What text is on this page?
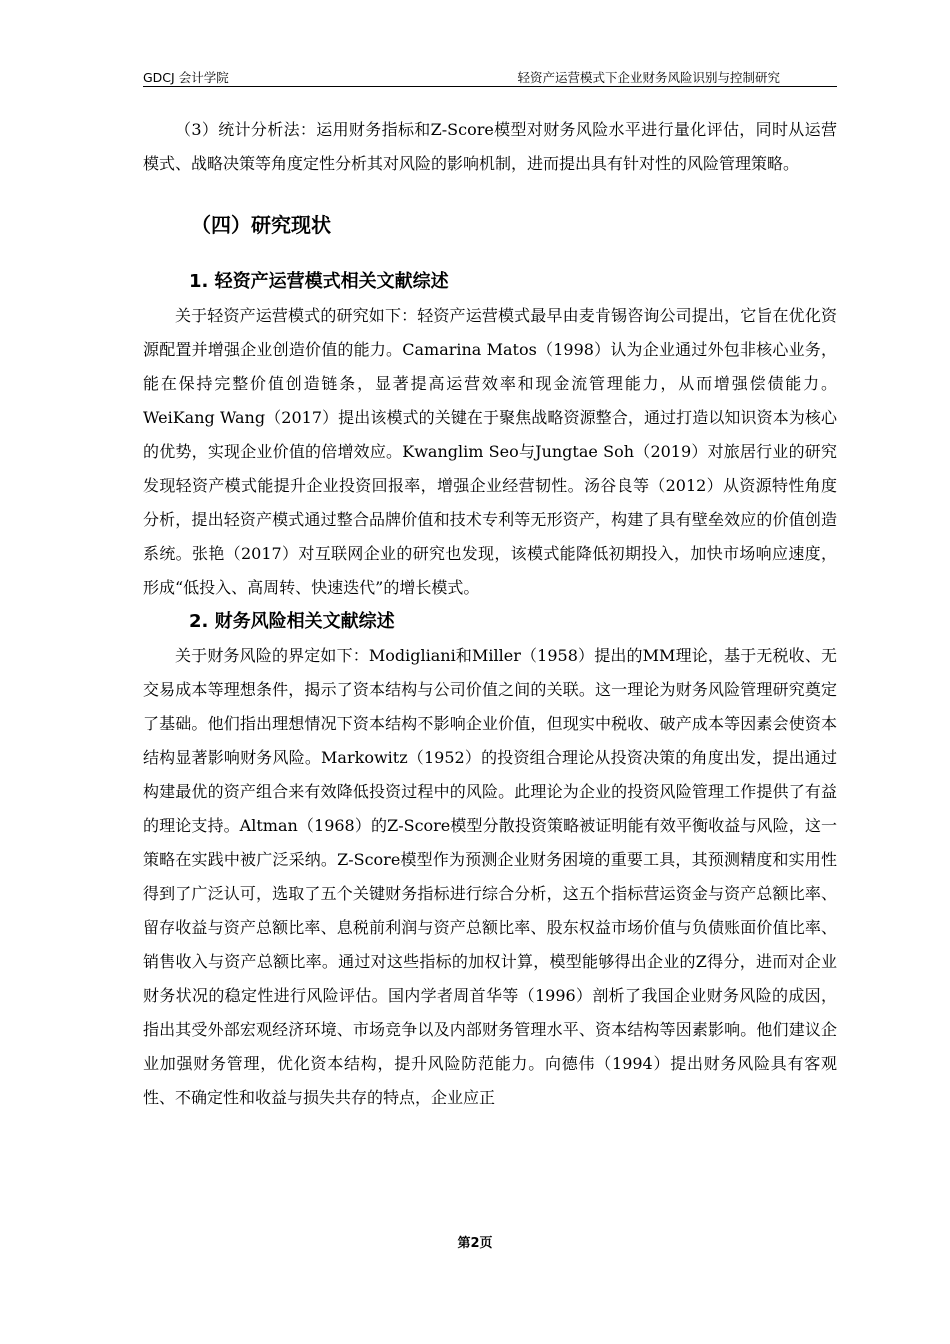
GDCJ 会计学院	轻资产运营模式下企业财务风险识别与控制研究

（3）统计分析法：运用财务指标和Z-Score模型对财务风险水平进行量化评估，同时从运营模式、战略决策等角度定性分析其对风险的影响机制，进而提出具有针对性的风险管理策略。

（四）研究现状
1. 轻资产运营模式相关文献综述

关于轻资产运营模式的研究如下：轻资产运营模式最早由麦肯锡咨询公司提出，它旨在优化资源配置并增强企业创造价值的能力。Camarina Matos（1998）认为企业通过外包非核心业务，能在保持完整价值创造链条，显著提高运营效率和现金流管理能力，从而增强偿债能力。WeiKang Wang（2017）提出该模式的关键在于聚焦战略资源整合，通过打造以知识资本为核心的优势，实现企业价值的倍增效应。Kwanglim Seo与Jungtae Soh（2019）对旅居行业的研究发现轻资产模式能提升企业投资回报率，增强企业经营韧性。汤谷良等（2012）从资源特性角度分析，提出轻资产模式通过整合品牌价值和技术专利等无形资产，构建了具有壁垒效应的价值创造系统。张艳（2017）对互联网企业的研究也发现，该模式能降低初期投入，加快市场响应速度，形成“低投入、高周转、快速迭代”的增长模式。

2. 财务风险相关文献综述

关于财务风险的界定如下：Modigliani和Miller（1958）提出的MM理论，基于无税收、无交易成本等理想条件，揭示了资本结构与公司价值之间的关联。这一理论为财务风险管理研究奠定了基础。他们指出理想情况下资本结构不影响企业价值，但现实中税收、破产成本等因素会使资本结构显著影响财务风险。Markowitz（1952）的投资组合理论从投资决策的角度出发，提出通过构建最优的资产组合来有效降低投资过程中的风险。此理论为企业的投资风险管理工作提供了有益的理论支持。Altman（1968）的Z-Score模型分散投资策略被证明能有效平衡收益与风险，这一策略在实践中被广泛采纳。Z-Score模型作为预测企业财务困境的重要工具，其预测精度和实用性得到了广泛认可，选取了五个关键财务指标进行综合分析，这五个指标营运资金与资产总额比率、留存收益与资产总额比率、息税前利润与资产总额比率、股东权益市场价值与负债账面价值比率、销售收入与资产总额比率。通过对这些指标的加权计算，模型能够得出企业的Z得分，进而对企业财务状况的稳定性进行风险评估。国内学者周首华等（1996）剖析了我国企业财务风险的成因，指出其受外部宏观经济环境、市场竞争以及内部财务管理水平、资本结构等因素影响。他们建议企业加强财务管理，优化资本结构，提升风险防范能力。向德伟（1994）提出财务风险具有客观性、不确定性和收益与损失共存的特点，企业应正

第2页
